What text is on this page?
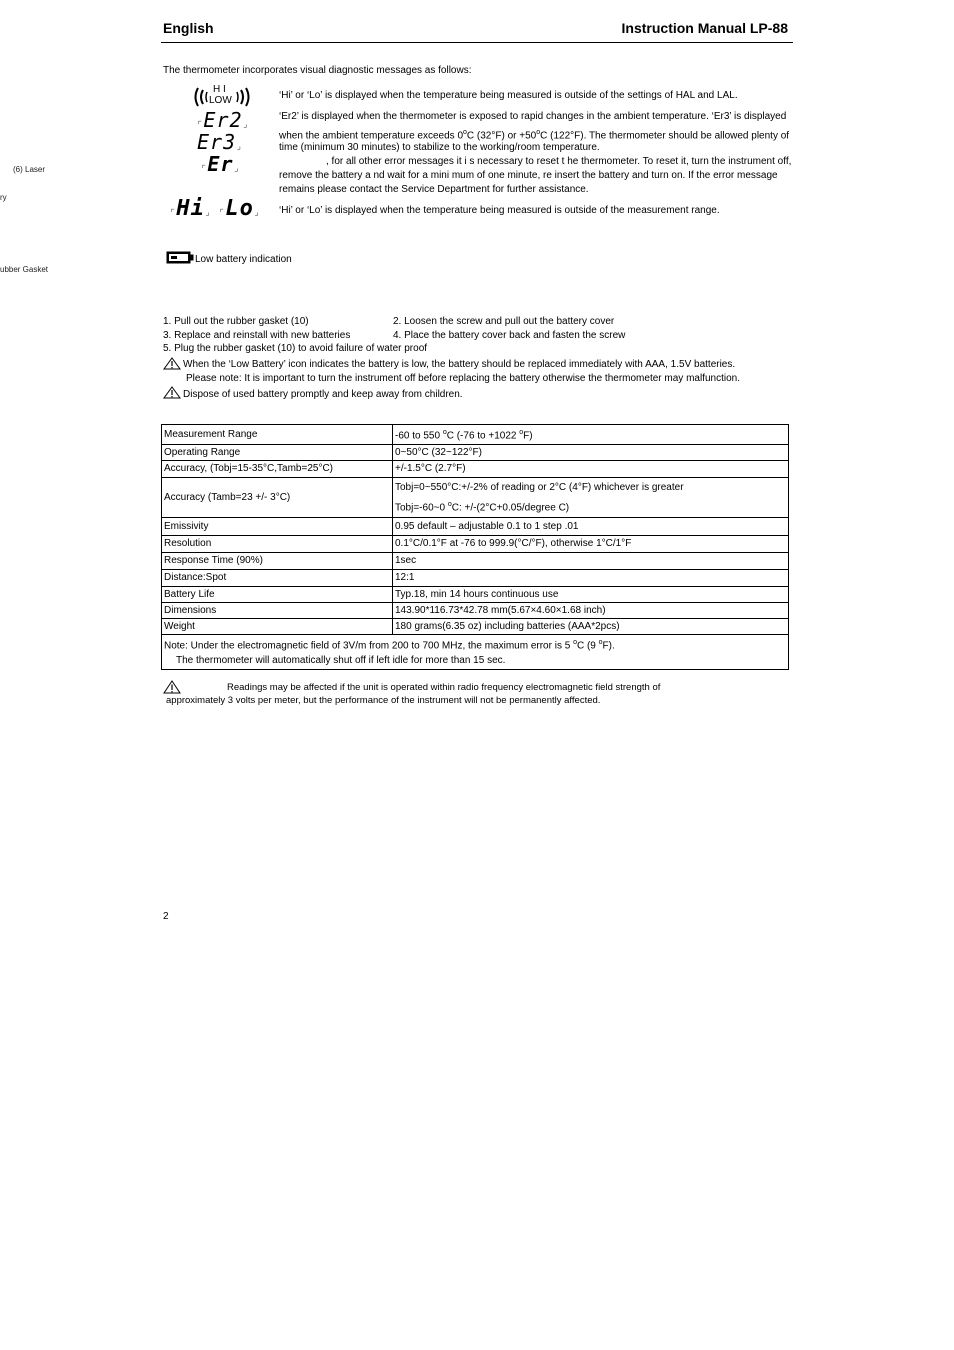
English	Instruction Manual LP-88
(6) Laser
ry
ubber Gasket
The thermometer incorporates visual diagnostic messages as follows:
H I
LOW
⌜Er2⌟
Er3⌟
⌜Er⌟
⌜Hi⌟ ⌜Lo⌟
‘Hi’ or ‘Lo’ is displayed when the temperature being measured is outside of the settings of HAL and LAL.
‘Er2’ is displayed when the thermometer is exposed to rapid changes in the ambient temperature. ‘Er3’ is displayed
when the ambient temperature exceeds 0$^o$C (32°F) or $+50^oC$ (122°F). The thermometer should be allowed plenty of
time (minimum 30 minutes) to stabilize to the working/room temperature.
, for all other error messages it i s necessary to reset t he thermometer. To reset it, turn the instrument off,
remove the battery a nd wait for a mini mum of one minute, re insert the battery and turn on. If the error message
remains please contact the Service Department for further assistance.
‘Hi’ or ‘Lo’ is displayed when the temperature being measured is outside of the measurement range.
Low battery indication
1. Pull out the rubber gasket (10)	2. Loosen the screw and pull out the battery cover
3. Replace and reinstall with new batteries	4. Place the battery cover back and fasten the screw
5. Plug the rubber gasket (10) to avoid failure of water proof
When the ‘Low Battery’ icon indicates the battery is low, the battery should be replaced immediately with AAA, 1.5V batteries.
Please note: It is important to turn the instrument off before replacing the battery otherwise the thermometer may malfunction.
Dispose of used battery promptly and keep away from children.
Measurement Range	-60 to 550 $^o$C (-76 to +1022 $^o$F)
Operating Range	0~50°C (32~122°F)
Accuracy, (Tobj=15-35°C,Tamb=25°C)	+/-1.5°C (2.7°F)
Accuracy (Tamb=23 +/- 3°C)	Tobj=0~550°C:+/-2% of reading or 2°C (4°F) whichever is greater
Tobj=-60~0 $^o$C: +/-(2°C+0.05/degree C)

Emissivity	0.95 default – adjustable 0.1 to 1 step .01
Resolution	0.1°C/0.1°F at -76 to 999.9(°C/°F), otherwise 1°C/1°F
Response Time (90%)	1sec
Distance:Spot	12:1
Battery Life	Typ.18, min 14 hours continuous use
Dimensions	143.90*116.73*42.78 mm(5.67×4.60×1.68 inch)
Weight	180 grams(6.35 oz) including batteries (AAA*2pcs)

Note: Under the electromagnetic field of 3V/m from 200 to 700 MHz, the maximum error is 5 $^o$C (9 $^o$F).
The thermometer will automatically shut off if left idle for more than 15 sec.	
Readings may be affected if the unit is operated within radio frequency electromagnetic field strength of
approximately 3 volts per meter, but the performance of the instrument will not be permanently affected.
2
